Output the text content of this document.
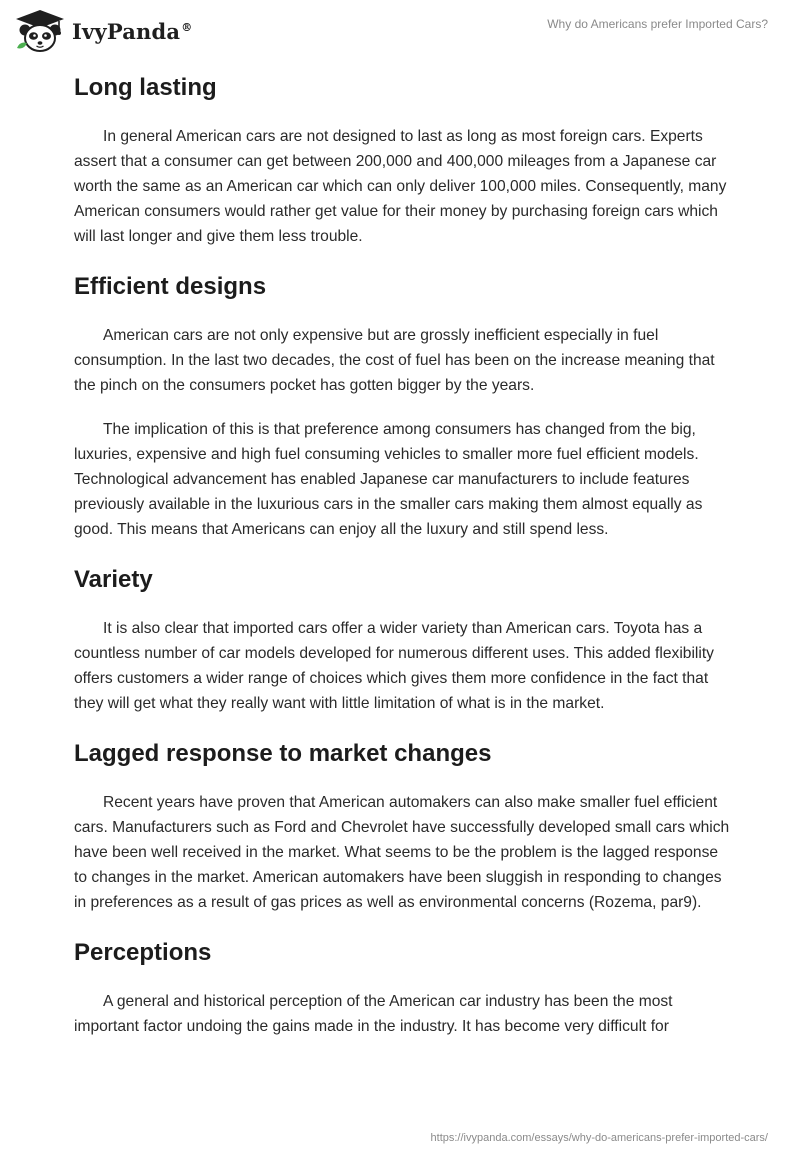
IvyPanda®	Why do Americans prefer Imported Cars?
Long lasting

In general American cars are not designed to last as long as most foreign cars. Experts assert that a consumer can get between 200,000 and 400,000 mileages from a Japanese car worth the same as an American car which can only deliver 100,000 miles. Consequently, many American consumers would rather get value for their money by purchasing foreign cars which will last longer and give them less trouble.

Efficient designs

American cars are not only expensive but are grossly inefficient especially in fuel consumption. In the last two decades, the cost of fuel has been on the increase meaning that the pinch on the consumers pocket has gotten bigger by the years.

The implication of this is that preference among consumers has changed from the big, luxuries, expensive and high fuel consuming vehicles to smaller more fuel efficient models. Technological advancement has enabled Japanese car manufacturers to include features previously available in the luxurious cars in the smaller cars making them almost equally as good. This means that Americans can enjoy all the luxury and still spend less.

Variety

It is also clear that imported cars offer a wider variety than American cars. Toyota has a countless number of car models developed for numerous different uses. This added flexibility offers customers a wider range of choices which gives them more confidence in the fact that they will get what they really want with little limitation of what is in the market.

Lagged response to market changes

Recent years have proven that American automakers can also make smaller fuel efficient cars. Manufacturers such as Ford and Chevrolet have successfully developed small cars which have been well received in the market. What seems to be the problem is the lagged response to changes in the market. American automakers have been sluggish in responding to changes in preferences as a result of gas prices as well as environmental concerns (Rozema, par9).

Perceptions

A general and historical perception of the American car industry has been the most important factor undoing the gains made in the industry. It has become very difficult for

https://ivypanda.com/essays/why-do-americans-prefer-imported-cars/
